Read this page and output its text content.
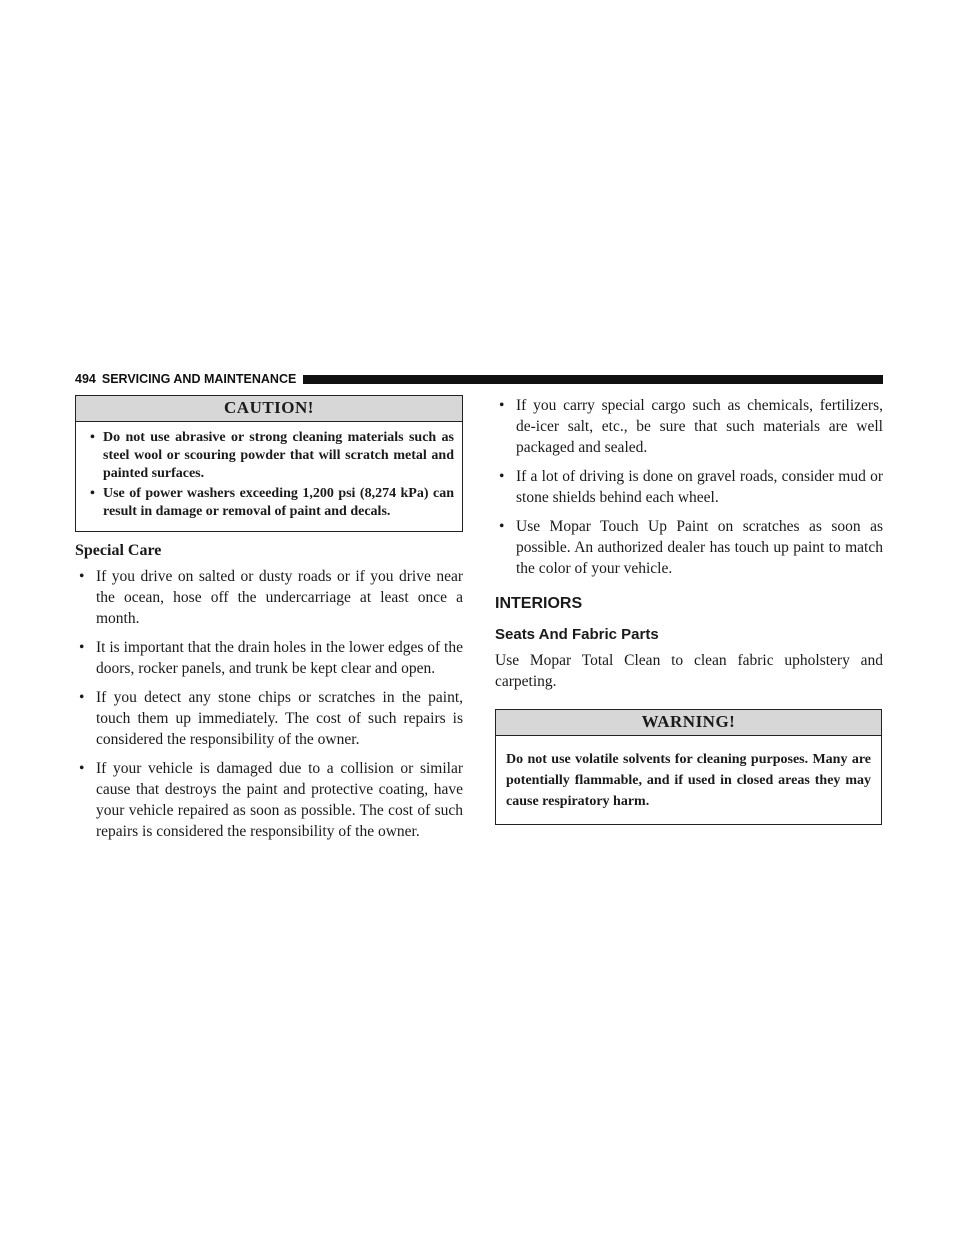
494 SERVICING AND MAINTENANCE
CAUTION!
• Do not use abrasive or strong cleaning materials such as steel wool or scouring powder that will scratch metal and painted surfaces.
• Use of power washers exceeding 1,200 psi (8,274 kPa) can result in damage or removal of paint and decals.
Special Care
• If you drive on salted or dusty roads or if you drive near the ocean, hose off the undercarriage at least once a month.
• It is important that the drain holes in the lower edges of the doors, rocker panels, and trunk be kept clear and open.
• If you detect any stone chips or scratches in the paint, touch them up immediately. The cost of such repairs is considered the responsibility of the owner.
• If your vehicle is damaged due to a collision or similar cause that destroys the paint and protective coating, have your vehicle repaired as soon as possible. The cost of such repairs is considered the responsibility of the owner.
• If you carry special cargo such as chemicals, fertilizers, de-icer salt, etc., be sure that such materials are well packaged and sealed.
• If a lot of driving is done on gravel roads, consider mud or stone shields behind each wheel.
• Use Mopar Touch Up Paint on scratches as soon as possible. An authorized dealer has touch up paint to match the color of your vehicle.
INTERIORS
Seats And Fabric Parts

Use Mopar Total Clean to clean fabric upholstery and carpeting.

WARNING!
Do not use volatile solvents for cleaning purposes. Many are potentially flammable, and if used in closed areas they may cause respiratory harm.
